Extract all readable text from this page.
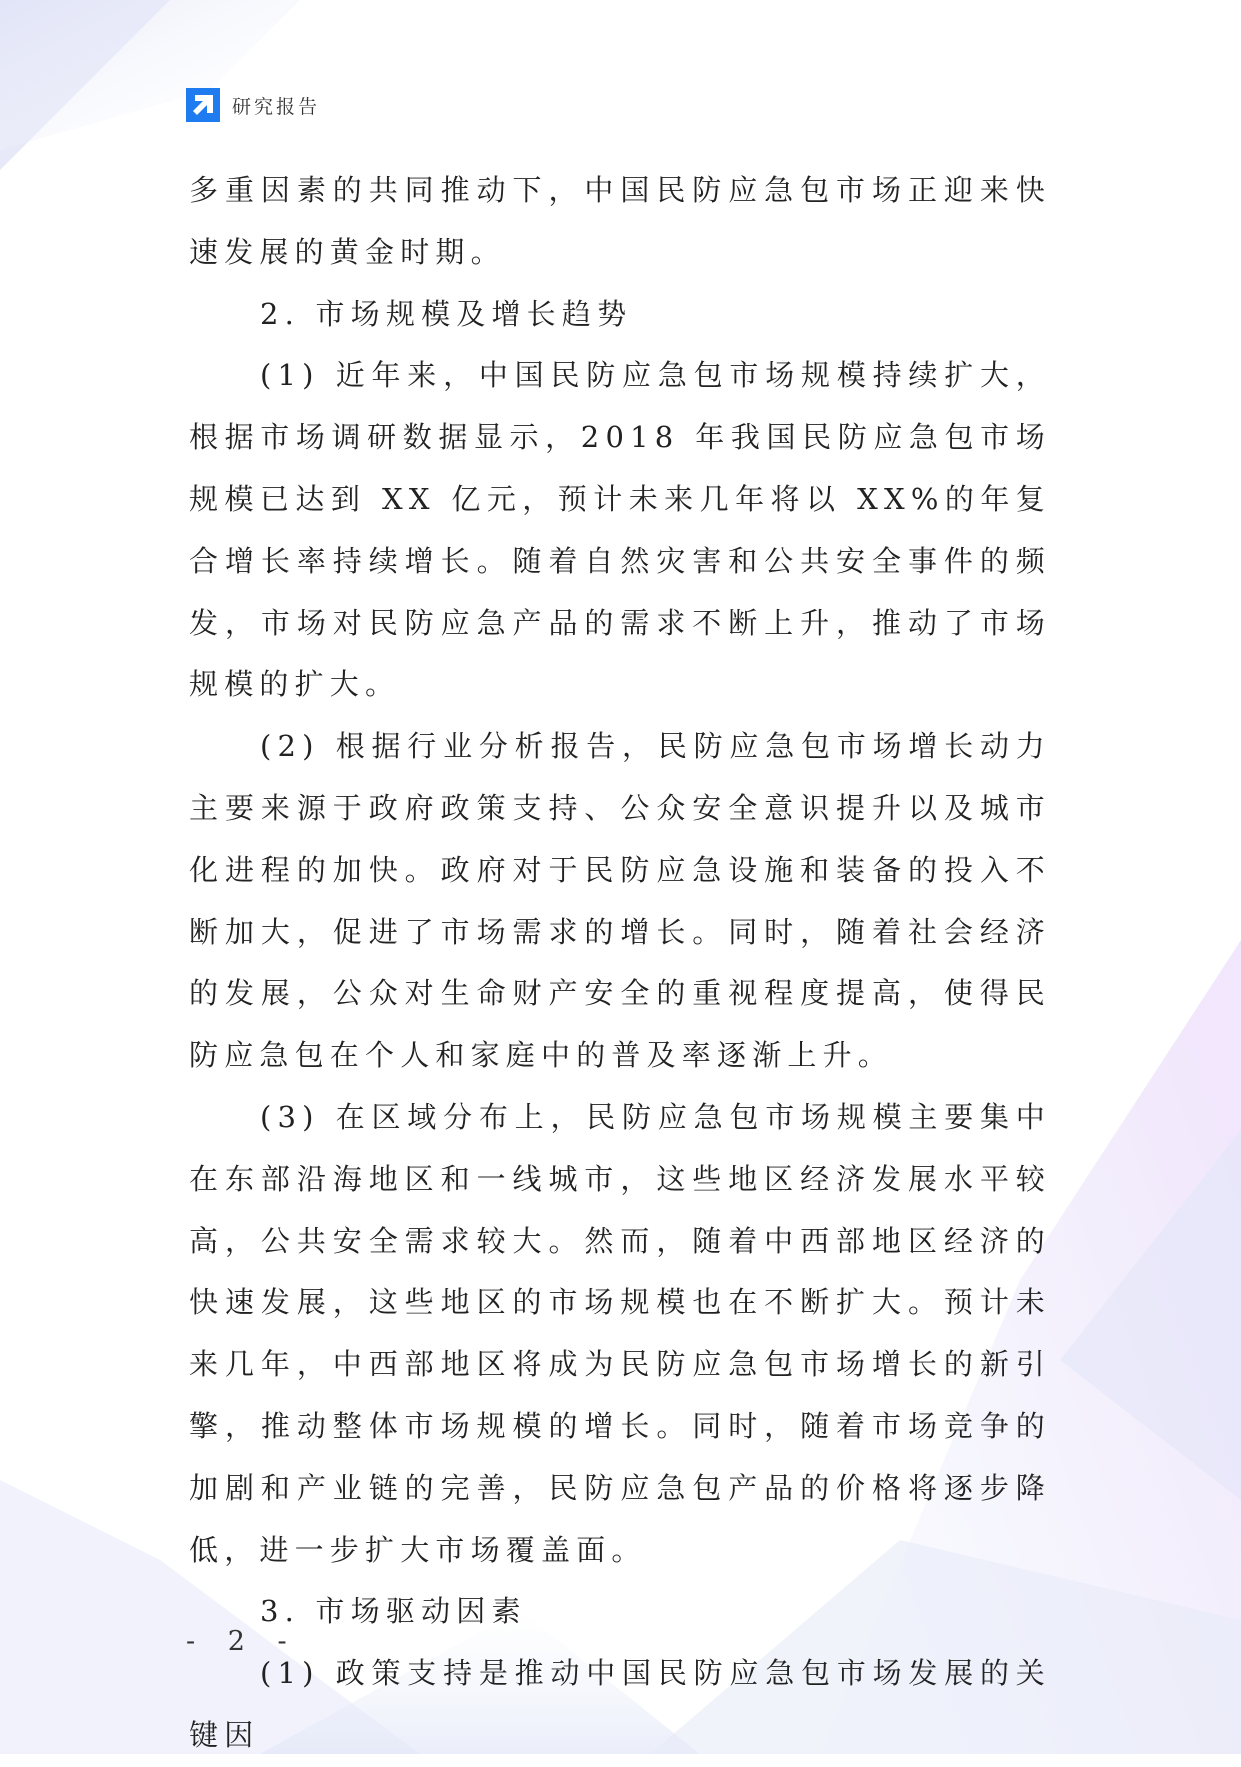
研究报告

多重因素的共同推动下，中国民防应急包市场正迎来快速发展的黄金时期。

2. 市场规模及增长趋势

(1) 近年来，中国民防应急包市场规模持续扩大，根据市场调研数据显示，2018 年我国民防应急包市场规模已达到 XX 亿元，预计未来几年将以 XX%的年复合增长率持续增长。随着自然灾害和公共安全事件的频发，市场对民防应急产品的需求不断上升，推动了市场规模的扩大。

(2) 根据行业分析报告，民防应急包市场增长动力主要来源于政府政策支持、公众安全意识提升以及城市化进程的加快。政府对于民防应急设施和装备的投入不断加大，促进了市场需求的增长。同时，随着社会经济的发展，公众对生命财产安全的重视程度提高，使得民防应急包在个人和家庭中的普及率逐渐上升。

(3) 在区域分布上，民防应急包市场规模主要集中在东部沿海地区和一线城市，这些地区经济发展水平较高，公共安全需求较大。然而，随着中西部地区经济的快速发展，这些地区的市场规模也在不断扩大。预计未来几年，中西部地区将成为民防应急包市场增长的新引擎，推动整体市场规模的增长。同时，随着市场竞争的加剧和产业链的完善，民防应急包产品的价格将逐步降低，进一步扩大市场覆盖面。

3. 市场驱动因素

(1) 政策支持是推动中国民防应急包市场发展的关键因

- 2 -
